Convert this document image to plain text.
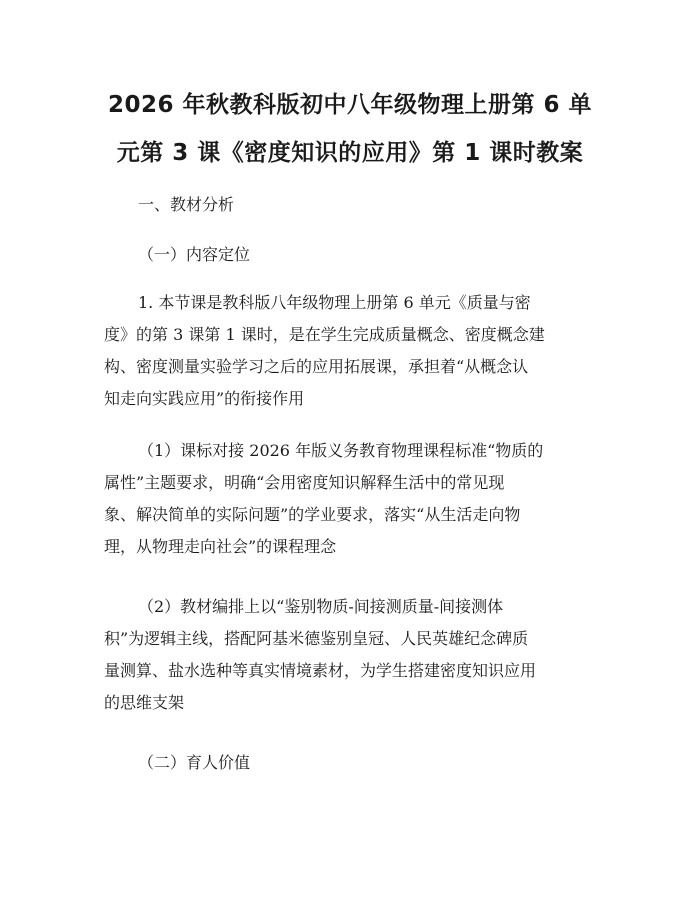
2026 年秋教科版初中八年级物理上册第 6 单
元第 3 课《密度知识的应用》第 1 课时教案

一、教材分析

（一）内容定位

1. 本节课是教科版八年级物理上册第 6 单元《质量与密

度》的第 3 课第 1 课时，是在学生完成质量概念、密度概念建

构、密度测量实验学习之后的应用拓展课，承担着“从概念认

知走向实践应用”的衔接作用

（1）课标对接 2026 年版义务教育物理课程标准“物质的

属性”主题要求，明确“会用密度知识解释生活中的常见现

象、解决简单的实际问题”的学业要求，落实“从生活走向物

理，从物理走向社会”的课程理念

（2）教材编排上以“鉴别物质-间接测质量-间接测体

积”为逻辑主线，搭配阿基米德鉴别皇冠、人民英雄纪念碑质

量测算、盐水选种等真实情境素材，为学生搭建密度知识应用

的思维支架

（二）育人价值
